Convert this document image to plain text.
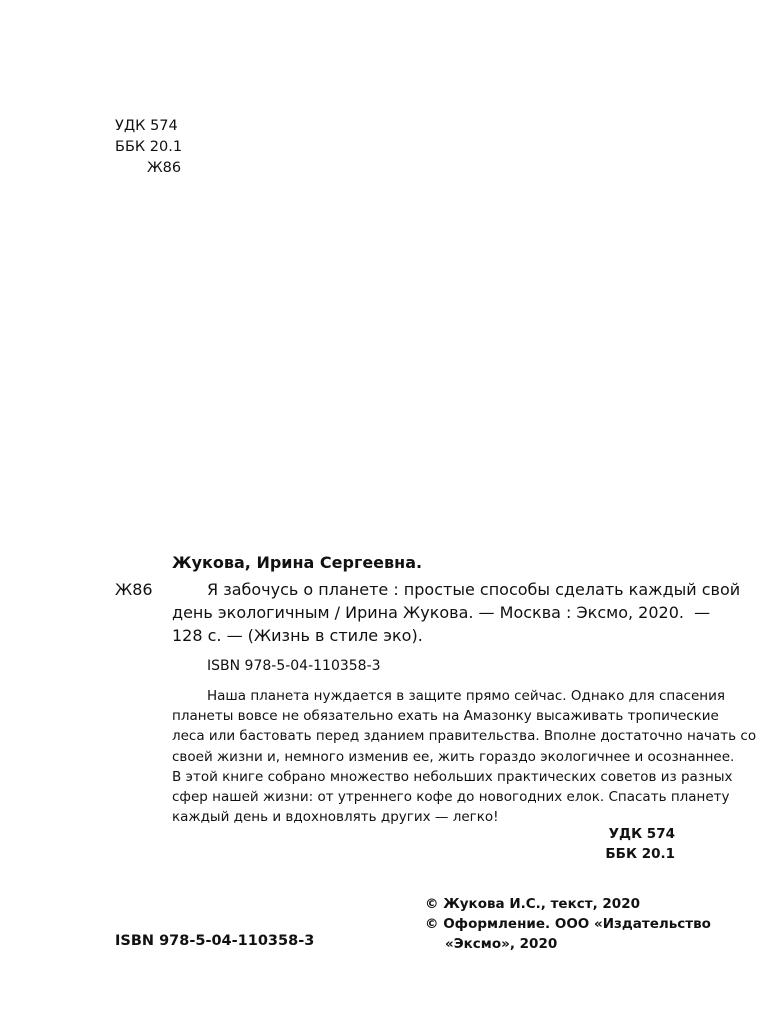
УДК 574
ББК 20.1
Ж86
Жукова, Ирина Сергеевна.
Ж86	Я забочусь о планете : простые способы сделать каждый свой
день экологичным / Ирина Жукова. — Москва : Эксмо, 2020.  —
128 с. — (Жизнь в стиле эко).
ISBN 978-5-04-110358-3
Наша планета нуждается в защите прямо сейчас. Однако для спасения
планеты вовсе не обязательно ехать на Амазонку высаживать тропические
леса или бастовать перед зданием правительства. Вполне достаточно начать со
своей жизни и, немного изменив ее, жить гораздо экологичнее и осознаннее.
В этой книге собрано множество небольших практических советов из разных
сфер нашей жизни: от утреннего кофе до новогодних елок. Спасать планету
каждый день и вдохновлять других — легко!
УДК 574
ББК 20.1
© Жукова И.С., текст, 2020
© Оформление. ООО «Издательство
«Эксмо», 2020
ISBN 978-5-04-110358-3
